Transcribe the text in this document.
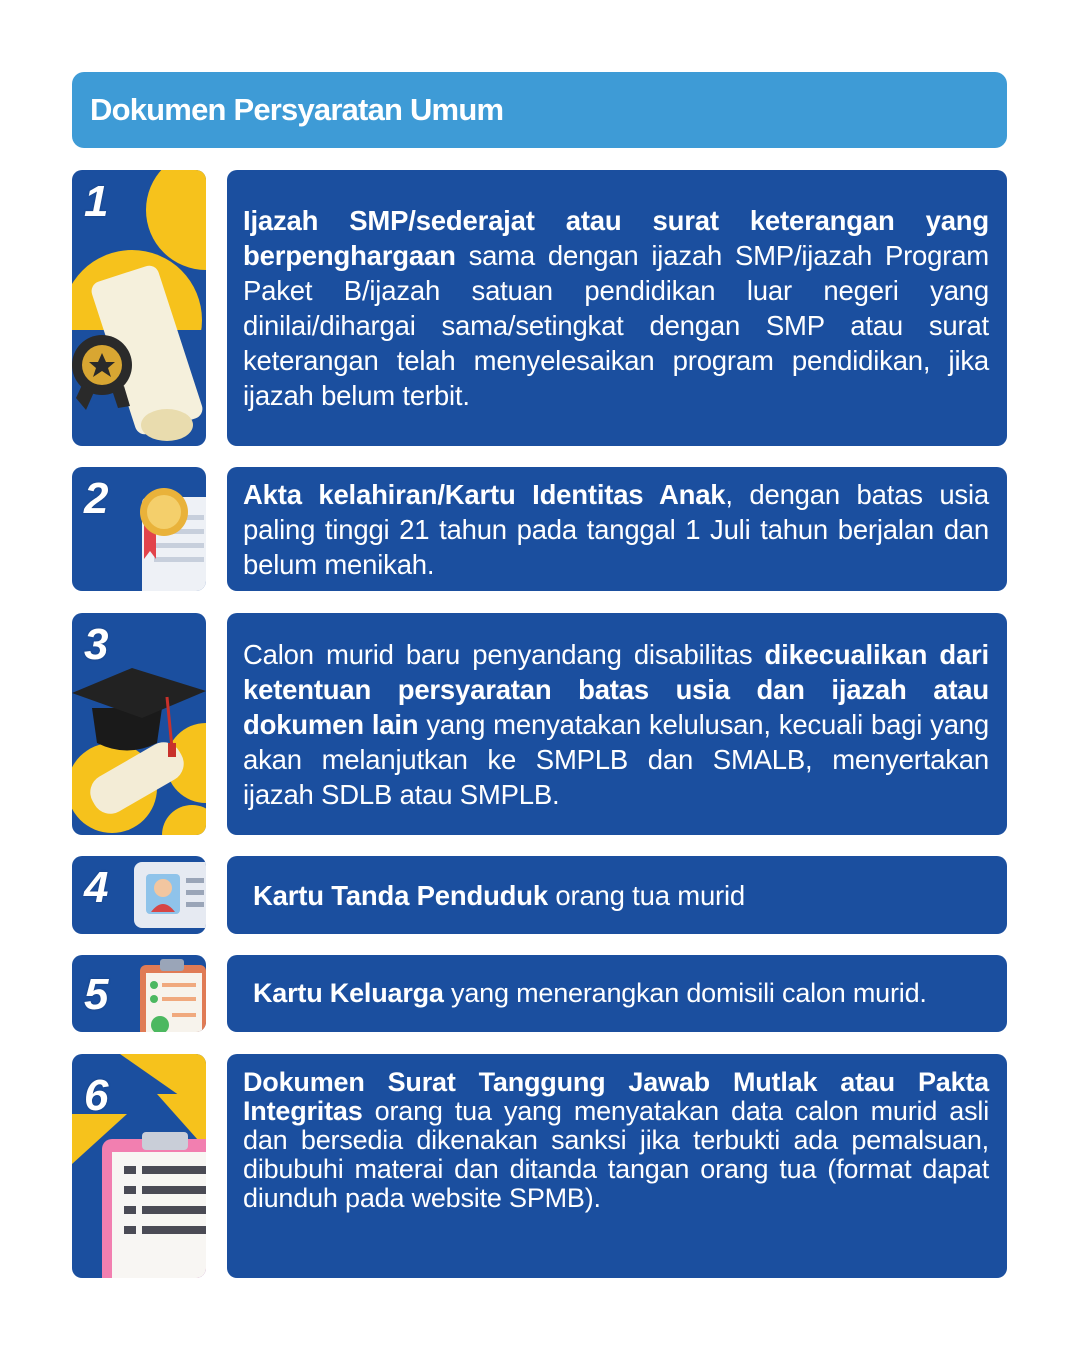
Dokumen Persyaratan Umum
1	Ijazah SMP/sederajat atau surat keterangan yang berpenghargaan sama dengan ijazah SMP/ijazah Program Paket B/ijazah satuan pendidikan luar negeri yang dinilai/dihargai sama/setingkat dengan SMP atau surat keterangan telah menyelesaikan program pendidikan, jika ijazah belum terbit.
2	Akta kelahiran/Kartu Identitas Anak, dengan batas usia paling tinggi 21 tahun pada tanggal 1 Juli tahun berjalan dan belum menikah.
3	Calon murid baru penyandang disabilitas dikecualikan dari ketentuan persyaratan batas usia dan ijazah atau dokumen lain yang menyatakan kelulusan, kecuali bagi yang akan melanjutkan ke SMPLB dan SMALB, menyertakan ijazah SDLB atau SMPLB.
4	Kartu Tanda Penduduk orang tua murid
5	Kartu Keluarga yang menerangkan domisili calon murid.
6	Dokumen Surat Tanggung Jawab Mutlak atau Pakta Integritas orang tua yang menyatakan data calon murid asli dan bersedia dikenakan sanksi jika terbukti ada pemalsuan, dibubuhi materai dan ditanda tangan orang tua (format dapat diunduh pada website SPMB).
